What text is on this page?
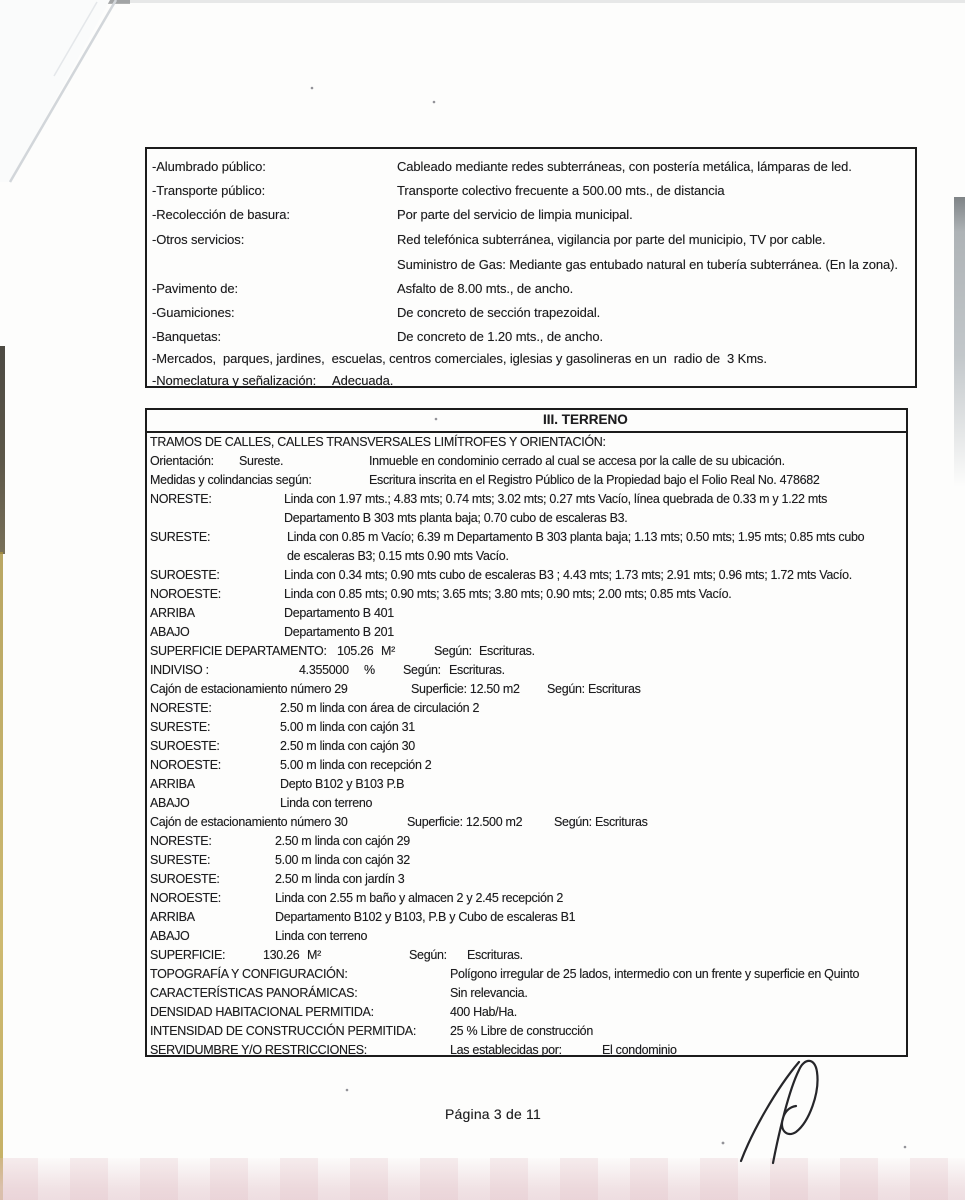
-Alumbrado público:	Cableado mediante redes subterráneas, con postería metálica, lámparas de led.
-Transporte público:	Transporte colectivo frecuente a 500.00 mts., de distancia
-Recolección de basura:	Por parte del servicio de limpia municipal.
-Otros servicios:	Red telefónica subterránea, vigilancia por parte del municipio, TV por cable.
Suministro de Gas: Mediante gas entubado natural en tubería subterránea. (En la zona).
-Pavimento de:	Asfalto de 8.00 mts., de ancho.
-Guamiciones:	De concreto de sección trapezoidal.
-Banquetas:	De concreto de 1.20 mts., de ancho.
-Mercados,  parques, jardines,  escuelas, centros comerciales, iglesias y gasolineras en un  radio de  3 Kms.
-Nomeclatura y señalización: Adecuada.
III. TERRENO
TRAMOS DE CALLES, CALLES TRANSVERSALES LIMÍTROFES Y ORIENTACIÓN:
Orientación: Sureste.	Inmueble en condominio cerrado al cual se accesa por la calle de su ubicación.
Medidas y colindancias según:	Escritura inscrita en el Registro Público de la Propiedad bajo el Folio Real No. 478682
NORESTE:	Linda con 1.97 mts.; 4.83 mts; 0.74 mts; 3.02 mts; 0.27 mts Vacío, línea quebrada de 0.33 m y 1.22 mts
Departamento B 303 mts planta baja; 0.70 cubo de escaleras B3.
SURESTE:	Linda con 0.85 m Vacío; 6.39 m Departamento B 303 planta baja; 1.13 mts; 0.50 mts; 1.95 mts; 0.85 mts cubo
de escaleras B3; 0.15 mts 0.90 mts Vacío.
SUROESTE:	Linda con 0.34 mts; 0.90 mts cubo de escaleras B3 ; 4.43 mts; 1.73 mts; 2.91 mts; 0.96 mts; 1.72 mts Vacío.
NOROESTE:	Linda con 0.85 mts; 0.90 mts; 3.65 mts; 3.80 mts; 0.90 mts; 2.00 mts; 0.85 mts Vacío.
ARRIBA	Departamento B 401
ABAJO	Departamento B 201
SUPERFICIE DEPARTAMENTO: 105.26 M²	Según: Escrituras.
INDIVISO :	4.355000 % Según: Escrituras.
Cajón de estacionamiento número 29	Superficie: 12.50 m2 Según: Escrituras
NORESTE:	2.50 m linda con área de circulación 2
SURESTE:	5.00 m linda con cajón 31
SUROESTE:	2.50 m linda con cajón 30
NOROESTE:	5.00 m linda con recepción 2
ARRIBA	Depto B102 y B103 P.B
ABAJO	Linda con terreno
Cajón de estacionamiento número 30	Superficie: 12.500 m2	Según: Escrituras
NORESTE:	2.50 m linda con cajón 29
SURESTE:	5.00 m linda con cajón 32
SUROESTE:	2.50 m linda con jardín 3
NOROESTE:	Linda con 2.55 m baño y almacen 2 y 2.45 recepción 2
ARRIBA	Departamento B102 y B103, P.B y Cubo de escaleras B1
ABAJO	Linda con terreno
SUPERFICIE:	130.26 M²	Según: Escrituras.
TOPOGRAFÍA Y CONFIGURACIÓN:	Polígono irregular de 25 lados, intermedio con un frente y superficie en Quinto
CARACTERÍSTICAS PANORÁMICAS:	Sin relevancia.
DENSIDAD HABITACIONAL PERMITIDA:	400 Hab/Ha.
INTENSIDAD DE CONSTRUCCIÓN PERMITIDA:	25 % Libre de construcción
SERVIDUMBRE Y/O RESTRICCIONES:	Las establecidas por:	El condominio
Página 3 de 11
